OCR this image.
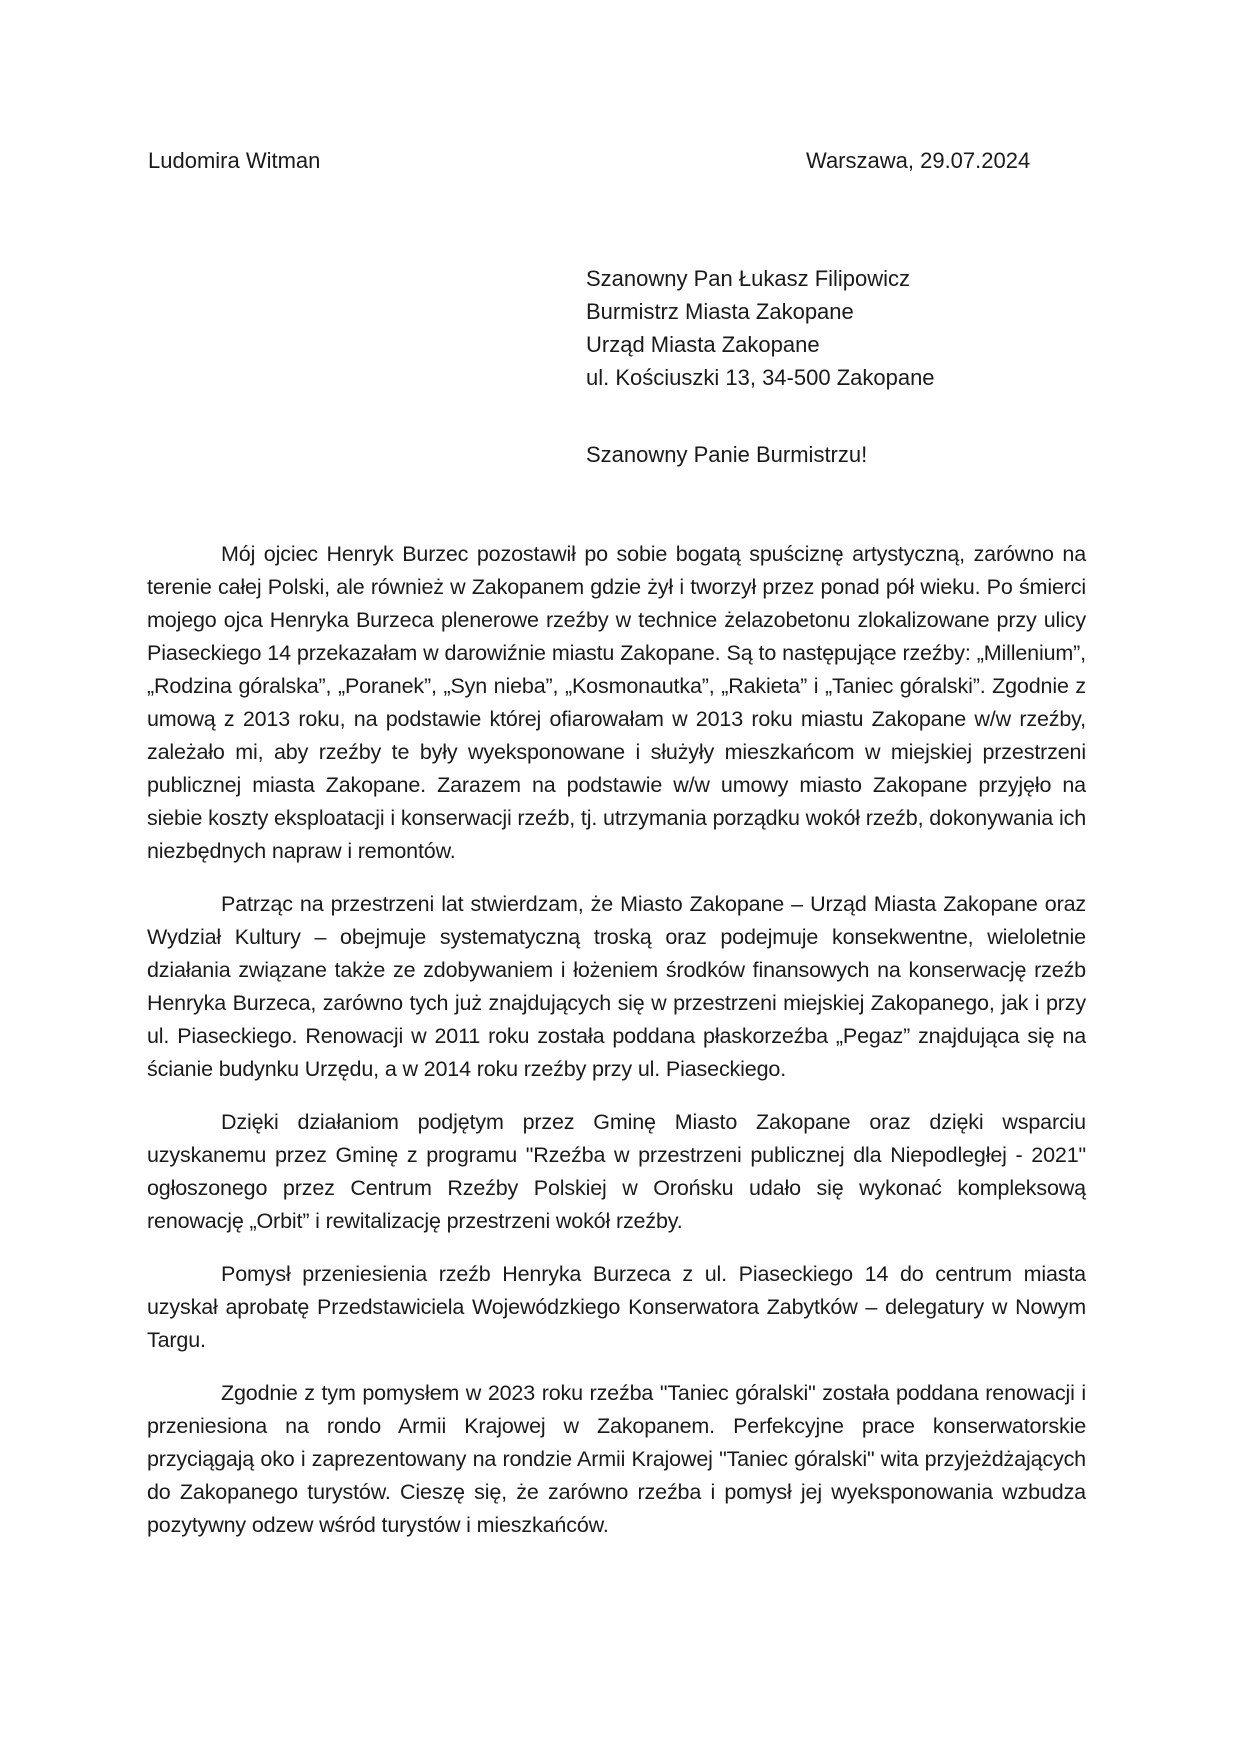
Ludomira Witman	Warszawa, 29.07.2024
Szanowny Pan Łukasz Filipowicz
Burmistrz Miasta Zakopane
Urząd Miasta Zakopane
ul. Kościuszki 13, 34-500 Zakopane
Szanowny Panie Burmistrzu!

Mój ojciec Henryk Burzec pozostawił po sobie bogatą spuściznę artystyczną, zarówno na terenie całej Polski, ale również w Zakopanem gdzie żył i tworzył przez ponad pół wieku. Po śmierci mojego ojca Henryka Burzeca plenerowe rzeźby w technice żelazobetonu zlokalizowane przy ulicy Piaseckiego 14 przekazałam w darowiźnie miastu Zakopane. Są to następujące rzeźby: „Millenium”, „Rodzina góralska”, „Poranek”, „Syn nieba”, „Kosmonautka”, „Rakieta” i „Taniec góralski”. Zgodnie z umową z 2013 roku, na podstawie której ofiarowałam w 2013 roku miastu Zakopane w/w rzeźby, zależało mi, aby rzeźby te były wyeksponowane i służyły mieszkańcom w miejskiej przestrzeni publicznej miasta Zakopane. Zarazem na podstawie w/w umowy miasto Zakopane przyjęło na siebie koszty eksploatacji i konserwacji rzeźb, tj. utrzymania porządku wokół rzeźb, dokonywania ich niezbędnych napraw i remontów.

Patrząc na przestrzeni lat stwierdzam, że Miasto Zakopane – Urząd Miasta Zakopane oraz Wydział Kultury – obejmuje systematyczną troską oraz podejmuje konsekwentne, wieloletnie działania związane także ze zdobywaniem i łożeniem środków finansowych na konserwację rzeźb Henryka Burzeca, zarówno tych już znajdujących się w przestrzeni miejskiej Zakopanego, jak i przy ul. Piaseckiego. Renowacji w 2011 roku została poddana płaskorzeźba „Pegaz” znajdująca się na ścianie budynku Urzędu, a w 2014 roku rzeźby przy ul. Piaseckiego.

Dzięki działaniom podjętym przez Gminę Miasto Zakopane oraz dzięki wsparciu uzyskanemu przez Gminę z programu "Rzeźba w przestrzeni publicznej dla Niepodległej - 2021" ogłoszonego przez Centrum Rzeźby Polskiej w Orońsku udało się wykonać kompleksową renowację „Orbit” i rewitalizację przestrzeni wokół rzeźby.

Pomysł przeniesienia rzeźb Henryka Burzeca z ul. Piaseckiego 14 do centrum miasta uzyskał aprobatę Przedstawiciela Wojewódzkiego Konserwatora Zabytków – delegatury w Nowym Targu.

Zgodnie z tym pomysłem w 2023 roku rzeźba "Taniec góralski" została poddana renowacji i przeniesiona na rondo Armii Krajowej w Zakopanem. Perfekcyjne prace konserwatorskie przyciągają oko i zaprezentowany na rondzie Armii Krajowej "Taniec góralski" wita przyjeżdżających do Zakopanego turystów. Cieszę się, że zarówno rzeźba i pomysł jej wyeksponowania wzbudza pozytywny odzew wśród turystów i mieszkańców.
